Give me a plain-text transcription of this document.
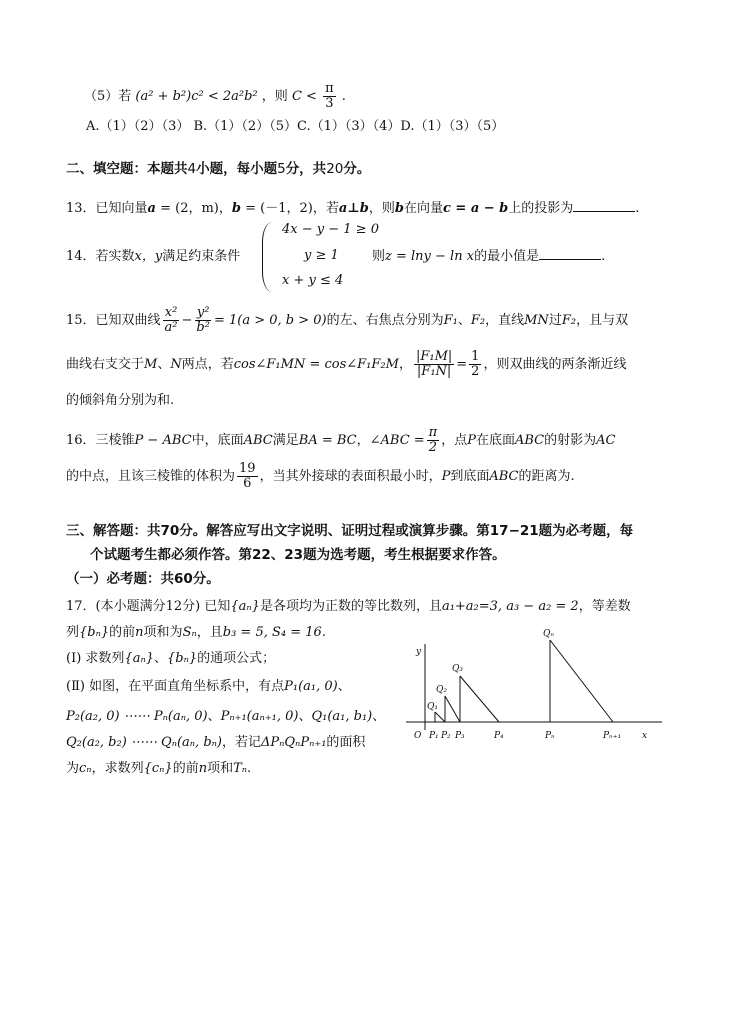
（5）若 (a² + b²)c² < 2a²b² ，则 $C < \frac{\pi}{3}$ .
A.（1）（2）（3） B.（1）（2）（5）C.（1）（3）（4）D.（1）（3）（5）
二、填空题：本题共4小题，每小题5分，共20分。
13．已知向量a = (2，m)，b = (－1，2)，若a⊥b，则b在向量c = a − b上的投影为	.
14．若实数x，y满足约束条件
4x − y − 1 ≥ 0
y ≥ 1
x + y ≤ 4
则z = lny − ln x的最小值是	.
15．已知双曲线 $\frac{\text{x²}}{\text{a²}} - \frac{\text{y²}}{\text{b²}} = 1(a > 0$, b > 0)的左、右焦点分别为F₁、F₂，直线MN过F₂，且与双
曲线右支交于M、N两点，若cos∠F₁MN = cos∠F₁F₂M， $\frac{\text{|F₁M|}}{\text{|F₁N|}} = \frac{1}{2}$ ，则双曲线的两条渐近线
的倾斜角分别为和.
16．三棱锥P − ABC中，底面ABC满足BA = BC，∠ABC = $\frac{\pi}{2}$ ，点P在底面ABC的射影为AC
的中点，且该三棱锥的体积为 $\frac{19}{6}$ ，当其外接球的表面积最小时，P到底面ABC的距离为.
三、解答题：共70分。解答应写出文字说明、证明过程或演算步骤。第17−21题为必考题，每
个试题考生都必须作答。第22、23题为选考题，考生根据要求作答。
（一）必考题：共60分。
17．(本小题满分12分) 已知{aₙ}是各项均为正数的等比数列，且a₁+a₂=3, a₃ − a₂ = 2，等差数
列{bₙ}的前n项和为Sₙ，且b₃ = 5, S₄ = 16.
(Ⅰ) 求数列{aₙ}、{bₙ}的通项公式；
(Ⅱ) 如图，在平面直角坐标系中，有点P₁(a₁, 0)、
P₂(a₂, 0) ⋯⋯ Pₙ(aₙ, 0)、Pₙ₊₁(aₙ₊₁, 0)、Q₁(a₁, b₁)、
Q₂(a₂, b₂) ⋯⋯ Qₙ(aₙ, bₙ)，若记ΔPₙQₙPₙ₊₁的面积
为cₙ，求数列{cₙ}的前n项和Tₙ.
y
x
O P₁ P₂ P₃	P₄	Pₙ	Pₙ₊₁
Q₁
Q₂
Q₃
Qₙ
